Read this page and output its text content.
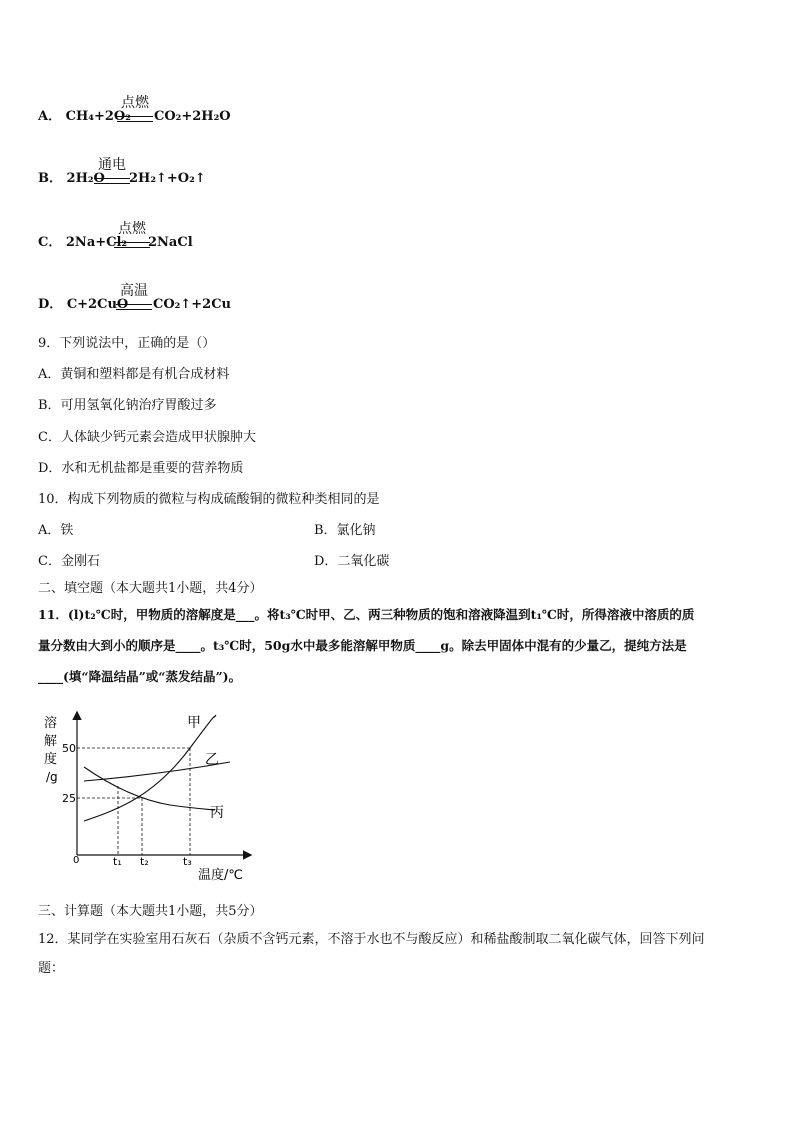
A． CH₄+2O₂
点燃
CO₂+2H₂O
B． 2H₂O
通电
2H₂↑+O₂↑
C． 2Na+Cl₂
点燃
2NaCl
D． C+2CuO
高温
CO₂↑+2Cu
9．下列说法中，正确的是（）
A．黄铜和塑料都是有机合成材料
B．可用氢氧化钠治疗胃酸过多
C．人体缺少钙元素会造成甲状腺肿大
D．水和无机盐都是重要的营养物质
10．构成下列物质的微粒与构成硫酸铜的微粒种类相同的是
A．铁	B．氯化钠
C．金刚石	D．二氧化碳
二、填空题（本大题共1小题，共4分）
11．(l)t₂℃时，甲物质的溶解度是___。将t₃℃时甲、乙、两三种物质的饱和溶液降温到t₁℃时，所得溶液中溶质的质
量分数由大到小的顺序是____。t₃℃时，50g水中最多能溶解甲物质____g。除去甲固体中混有的少量乙，提纯方法是
____(填“降温结晶”或“蒸发结晶”)。
溶
解
度
/g
50
25
0	t₁ t₂	t₃
温度/℃
甲
乙
丙
三、计算题（本大题共1小题，共5分）
12．某同学在实验室用石灰石（杂质不含钙元素，不溶于水也不与酸反应）和稀盐酸制取二氧化碳气体，回答下列问
题：
